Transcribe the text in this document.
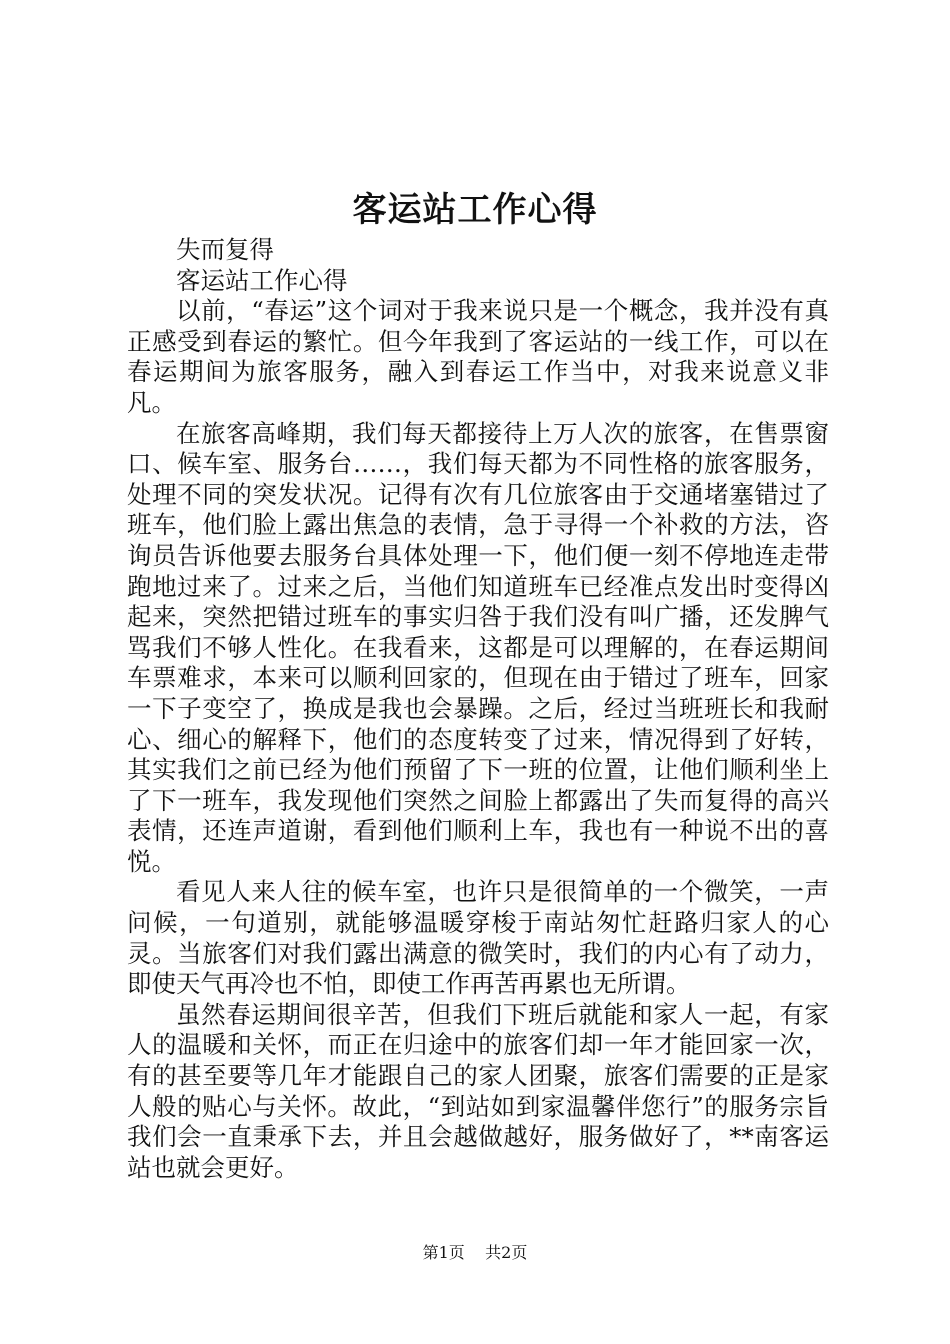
客运站工作心得

失而复得

客运站工作心得

以前，“春运”这个词对于我来说只是一个概念，我并没有真正感受到春运的繁忙。但今年我到了客运站的一线工作，可以在春运期间为旅客服务，融入到春运工作当中，对我来说意义非凡。

在旅客高峰期，我们每天都接待上万人次的旅客，在售票窗口、候车室、服务台……，我们每天都为不同性格的旅客服务，处理不同的突发状况。记得有次有几位旅客由于交通堵塞错过了班车，他们脸上露出焦急的表情，急于寻得一个补救的方法，咨询员告诉他要去服务台具体处理一下，他们便一刻不停地连走带跑地过来了。过来之后，当他们知道班车已经准点发出时变得凶起来，突然把错过班车的事实归咎于我们没有叫广播，还发脾气骂我们不够人性化。在我看来，这都是可以理解的，在春运期间车票难求，本来可以顺利回家的，但现在由于错过了班车，回家一下子变空了，换成是我也会暴躁。之后，经过当班班长和我耐心、细心的解释下，他们的态度转变了过来，情况得到了好转，其实我们之前已经为他们预留了下一班的位置，让他们顺利坐上了下一班车，我发现他们突然之间脸上都露出了失而复得的高兴表情，还连声道谢，看到他们顺利上车，我也有一种说不出的喜悦。

看见人来人往的候车室，也许只是很简单的一个微笑，一声问候，一句道别，就能够温暖穿梭于南站匆忙赶路归家人的心灵。当旅客们对我们露出满意的微笑时，我们的内心有了动力，即使天气再冷也不怕，即使工作再苦再累也无所谓。

虽然春运期间很辛苦，但我们下班后就能和家人一起，有家人的温暖和关怀，而正在归途中的旅客们却一年才能回家一次，有的甚至要等几年才能跟自己的家人团聚，旅客们需要的正是家人般的贴心与关怀。故此，“到站如到家温馨伴您行”的服务宗旨我们会一直秉承下去，并且会越做越好，服务做好了，**南客运站也就会更好。

第1页 共2页
